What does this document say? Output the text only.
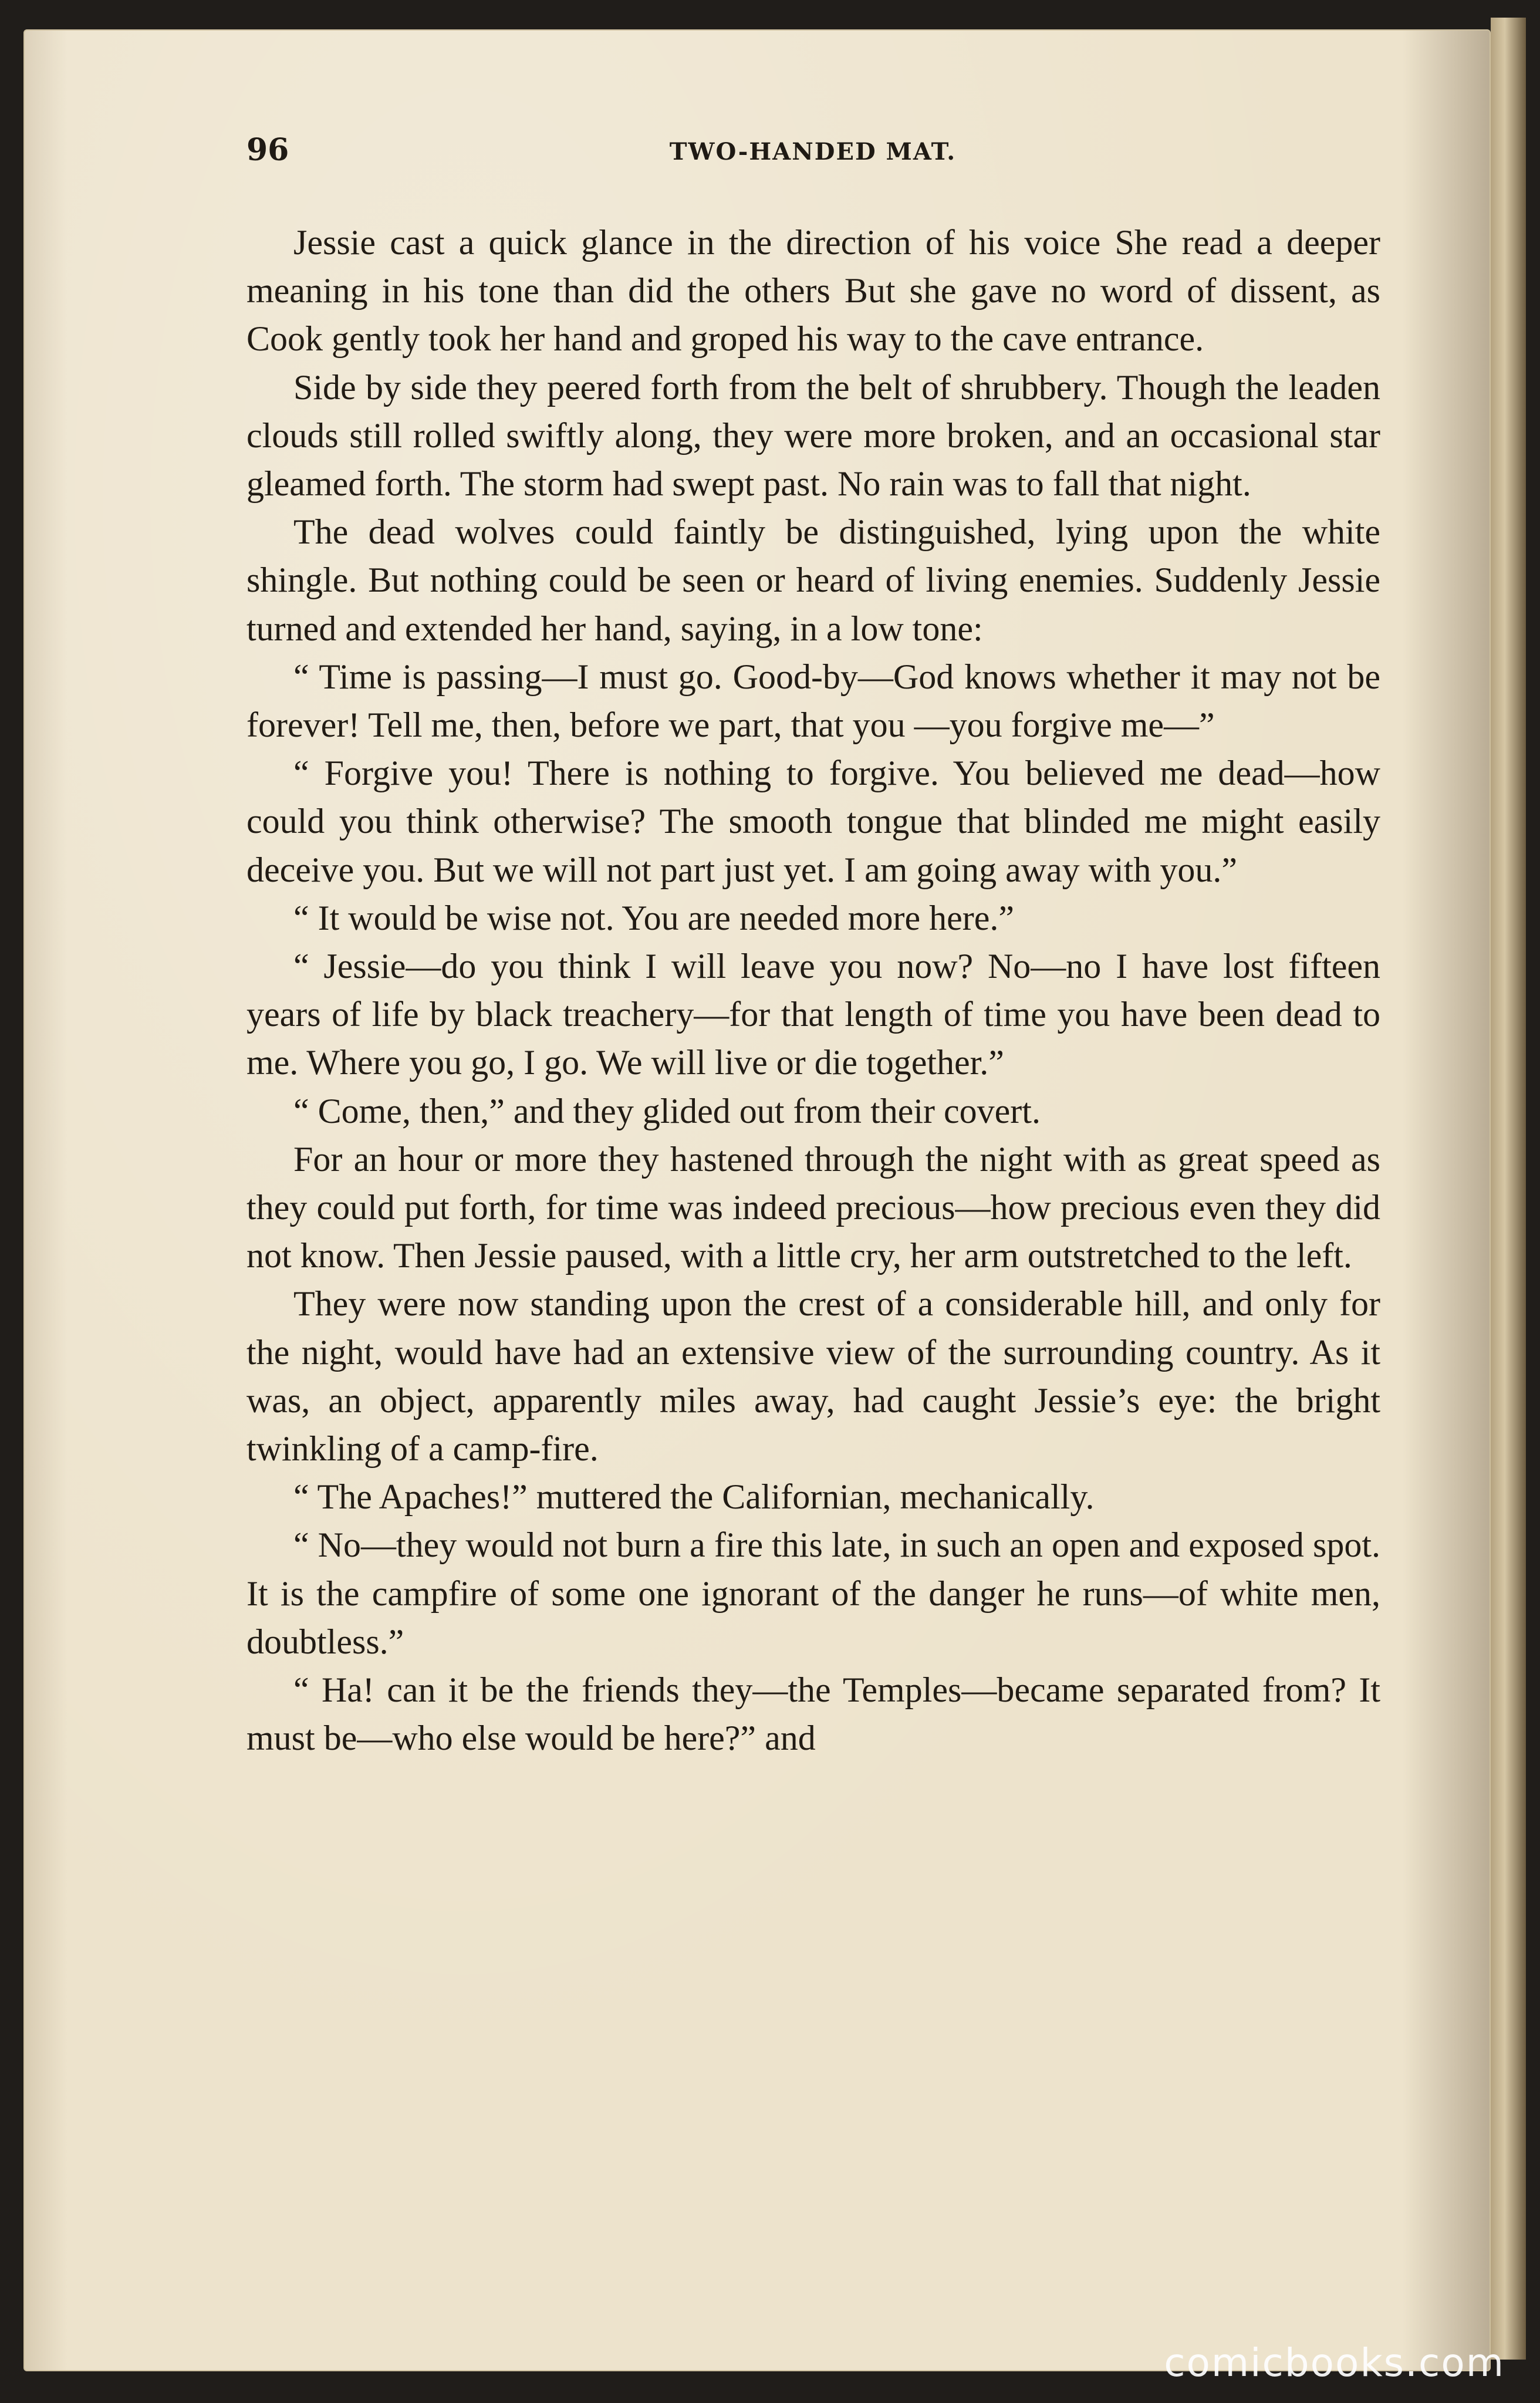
96	TWO-HANDED MAT.

Jessie cast a quick glance in the direction of his voice She read a deeper meaning in his tone than did the others But she gave no word of dissent, as Cook gently took her hand and groped his way to the cave entrance.

Side by side they peered forth from the belt of shrubbery. Though the leaden clouds still rolled swiftly along, they were more broken, and an occasional star gleamed forth. The storm had swept past. No rain was to fall that night.

The dead wolves could faintly be distinguished, lying upon the white shingle. But nothing could be seen or heard of living enemies. Suddenly Jessie turned and extended her hand, saying, in a low tone:

“ Time is passing—I must go. Good-by—God knows whether it may not be forever! Tell me, then, before we part, that you —you forgive me—”

“ Forgive you! There is nothing to forgive. You believed me dead—how could you think otherwise? The smooth tongue that blinded me might easily deceive you. But we will not part just yet. I am going away with you.”

“ It would be wise not. You are needed more here.”

“ Jessie—do you think I will leave you now? No—no I have lost fifteen years of life by black treachery—for that length of time you have been dead to me. Where you go, I go. We will live or die together.”

“ Come, then,” and they glided out from their covert.

For an hour or more they hastened through the night with as great speed as they could put forth, for time was indeed precious—how precious even they did not know. Then Jessie paused, with a little cry, her arm outstretched to the left.

They were now standing upon the crest of a considerable hill, and only for the night, would have had an extensive view of the surrounding country. As it was, an object, apparently miles away, had caught Jessie’s eye: the bright twinkling of a camp-fire.

“ The Apaches!” muttered the Californian, mechanically.

“ No—they would not burn a fire this late, in such an open and exposed spot. It is the campfire of some one ignorant of the danger he runs—of white men, doubtless.”

“ Ha! can it be the friends they—the Temples—became separated from? It must be—who else would be here?” and

comicbooks.com
